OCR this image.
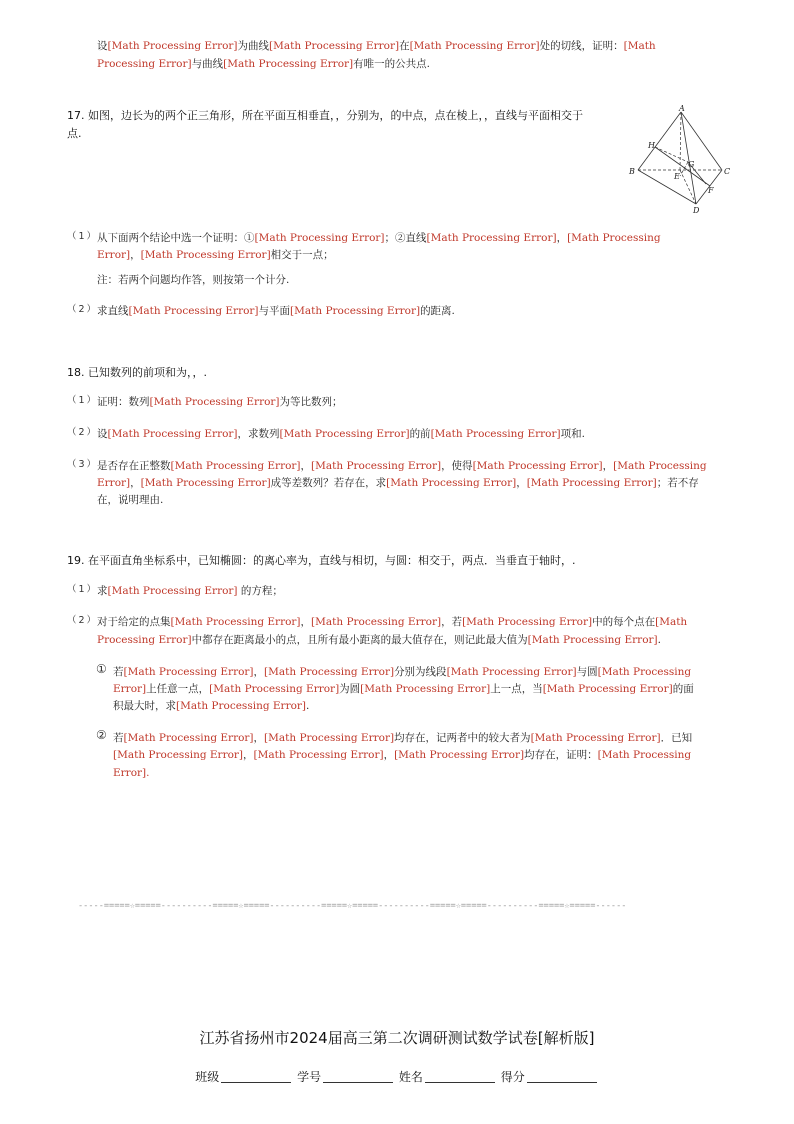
设[Math Processing Error]为曲线[Math Processing Error]在[Math Processing Error]处的切线，证明：[Math
Processing Error]与曲线[Math Processing Error]有唯一的公共点.
17. 如图，边长为的两个正三角形，所在平面互相垂直，，分别为，的中点，点在棱上，，直线与平面相交于
点.
A
H
G
B
E
C
F
D
（1）
从下面两个结论中选一个证明：①[Math Processing Error]；②直线[Math Processing Error]，[Math Processing
Error]，[Math Processing Error]相交于一点；
注：若两个问题均作答，则按第一个计分.
（2）
求直线[Math Processing Error]与平面[Math Processing Error]的距离.
18. 已知数列的前项和为，，.
（1）
证明：数列[Math Processing Error]为等比数列；
（2）
设[Math Processing Error]，求数列[Math Processing Error]的前[Math Processing Error]项和.
（3）
是否存在正整数[Math Processing Error]，[Math Processing Error]，使得[Math Processing Error]，[Math Processing
Error]，[Math Processing Error]成等差数列？若存在，求[Math Processing Error]，[Math Processing Error]；若不存
在，说明理由.
19. 在平面直角坐标系中，已知椭圆：的离心率为，直线与相切，与圆：相交于，两点．当垂直于轴时，.
（1）
求[Math Processing Error] 的方程；
（2）
对于给定的点集[Math Processing Error]，[Math Processing Error]，若[Math Processing Error]中的每个点在[Math
Processing Error]中都存在距离最小的点，且所有最小距离的最大值存在，则记此最大值为[Math Processing Error].
① 若[Math Processing Error]，[Math Processing Error]分别为线段[Math Processing Error]与圆[Math Processing
Error]上任意一点，[Math Processing Error]为圆[Math Processing Error]上一点，当[Math Processing Error]的面
积最大时，求[Math Processing Error].
② 若[Math Processing Error]，[Math Processing Error]均存在，记两者中的较大者为[Math Processing Error]．已知
[Math Processing Error]，[Math Processing Error]，[Math Processing Error]均存在，证明：[Math Processing
Error].
-----=====☆=====----------=====☆=====----------=====☆=====----------=====☆=====----------=====☆=====------
江苏省扬州市2024届高三第二次调研测试数学试卷[解析版]
班级	学号	姓名	得分
